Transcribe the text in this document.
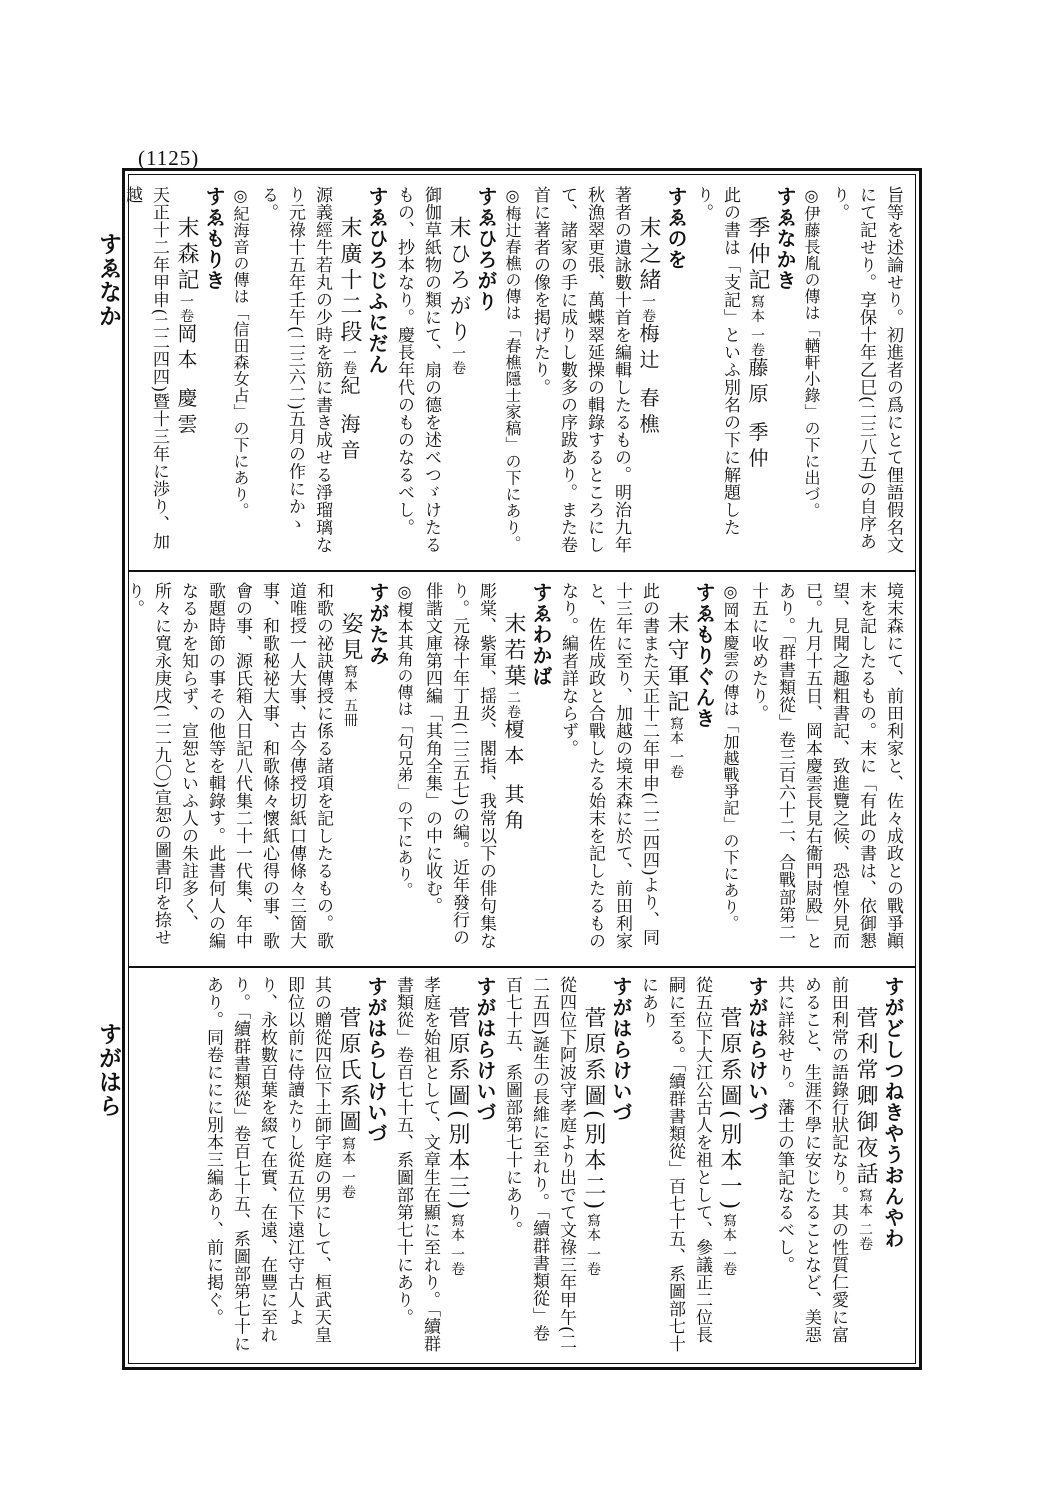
(1125)
すゑなか
すがはら
旨等を述論せり。初進者の爲にとて俚語假名文にて記せり。享保十年乙巳(二三八五)の自序あり。
◎伊藤長胤の傳は「輶軒小錄」の下に出づ。
すゑなかき
季仲記寫本 一卷藤原 季仲
此の書は「支記」といふ別名の下に解題したり。
すゑのを
末之緒一卷梅辻 春樵
著者の遺詠數十首を編輯したるもの。明治九年秋漁翠更張、萬蝶翠延操の輯錄するところにして、諸家の手に成りし數多の序跋あり。また卷首に著者の像を掲げたり。
◎梅辻春樵の傳は「春樵隱士家稿」の下にあり。
すゑひろがり
末ひろがり一卷
御伽草紙物の類にて、扇の德を述べつゞけたるもの、抄本なり。慶長年代のものなるべし。
すゑひろじふにだん
末廣十二段一卷紀 海音
源義經牛若丸の少時を筋に書き成せる淨瑠璃なり元祿十五年壬午(二三六二)五月の作にかゝる。
◎紀海音の傳は「信田森女占」の下にあり。
すゑもりき
末森記一卷岡本 慶雲
天正十二年甲申(二二四四)暨十三年に渉り、加越
境末森にて、前田利家と、佐々成政との戰爭顚末を記したるもの。末に「有此の書は、依御懇望、見聞之趣粗書記、致進覽之候、恐惶外見而已。九月十五日、岡本慶雲長見右衞門尉殿」とあり。「群書類從」卷三百六十二、合戰部第二十五に收めたり。
◎岡本慶雲の傳は「加越戰爭記」の下にあり。
すゑもりぐんき
末守軍記寫本 一卷
此の書また天正十二年甲申(二二四四)より、同十三年に至り、加越の境末森に於て、前田利家と、佐佐成政と合戰したる始末を記したるものなり。編者詳ならず。
すゑわかば
末若葉二卷榎本 其角
彫棠、紫軍、揺炎、閣指、我常以下の俳句集なり。元祿十年丁丑(二三五七)の編。近年發行の俳諧文庫第四編「其角全集」の中に收む。
◎榎本其角の傳は「句兄弟」の下にあり。
すがたみ
姿見寫本 五冊
和歌の祕訣傳授に係る諸項を記したるもの。歌道唯授一人大事、古今傳授切紙口傳條々三箇大事、和歌秘祕大事、和歌條々懷紙心得の事、歌會の事、源氏箱入日記八代集二十一代集、年中歌題時節の事その他等を輯錄す。此書何人の編なるかを知らず、宣恕といふ人の朱註多く、所々に寬永庚戌(二二九〇)宣恕の圖書印を捺せり。
すがどしつねきやうおんやわ
菅利常卿御夜話寫本 二卷
前田利常の語錄行狀記なり。其の性質仁愛に富めること、生涯不學に安じたることなど、美惡共に詳敍せり。藩士の筆記なるべし。
すがはらけいづ
菅原系圖(別本一)寫本 一卷
從五位下大江公古人を祖として、參議正二位長嗣に至る。「續群書類從」百七十五、系圖部七十にあり
すがはらけいづ
菅原系圖(別本二)寫本 一卷
從四位下阿波守孝庭より出でて文祿三年甲午(二二五四)誕生の長維に至れり。「續群書類從」卷百七十五、系圖部第七十にあり。
すがはらけいづ
菅原系圖(別本三)寫本 一卷
孝庭を始祖として、文章生在顯に至れり。「續群書類從」卷百七十五、系圖部第七十にあり。
すがはらしけいづ
菅原氏系圖寫本 一卷
其の贈從四位下土師宇庭の男にして、桓武天皇即位以前に侍讀たりし從五位下遠江守古人より、永枚數百葉を綴て在實、在遠、在豐に至れり。「續群書類從」卷百七十五、系圖部第七十にあり。同卷ににに別本三編あり、前に掲ぐ。
